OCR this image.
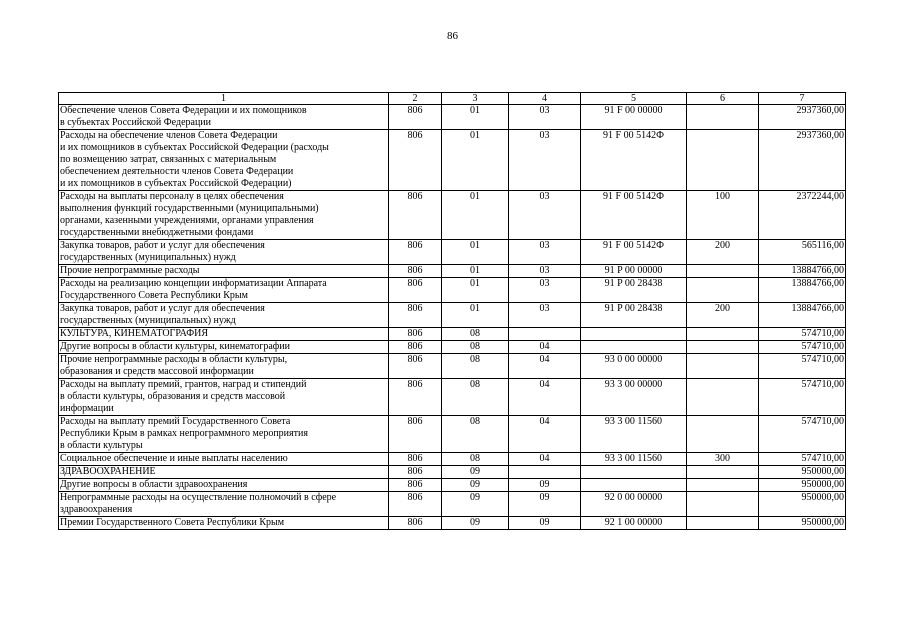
86
1	2	3	4	5	6	7
Обеспечение членов Совета Федерации и их помощников
в субъектах Российской Федерации	806	01	03	91 F 00 00000		2937360,00
Расходы на обеспечение членов Совета Федерации
и их помощников в субъектах Российской Федерации (расходы
по возмещению затрат, связанных с материальным
обеспечением деятельности членов Совета Федерации
и их помощников в субъектах Российской Федерации)	806	01	03	91 F 00 5142Ф		2937360,00
Расходы на выплаты персоналу в целях обеспечения
выполнения функций государственными (муниципальными)
органами, казенными учреждениями, органами управления
государственными внебюджетными фондами	806	01	03	91 F 00 5142Ф	100	2372244,00
Закупка товаров, работ и услуг для обеспечения
государственных (муниципальных) нужд	806	01	03	91 F 00 5142Ф	200	565116,00
Прочие непрограммные расходы	806	01	03	91 P 00 00000		13884766,00
Расходы на реализацию концепции информатизации Аппарата
Государственного Совета Республики Крым	806	01	03	91 P 00 28438		13884766,00
Закупка товаров, работ и услуг для обеспечения
государственных (муниципальных) нужд	806	01	03	91 P 00 28438	200	13884766,00
КУЛЬТУРА, КИНЕМАТОГРАФИЯ	806	08				574710,00
Другие вопросы в области культуры, кинематографии	806	08	04			574710,00
Прочие непрограммные расходы в области культуры,
образования и средств массовой информации	806	08	04	93 0 00 00000		574710,00
Расходы на выплату премий, грантов, наград и стипендий
в области культуры, образования и средств массовой
информации	806	08	04	93 3 00 00000		574710,00
Расходы на выплату премий Государственного Совета
Республики Крым в рамках непрограммного мероприятия
в области культуры	806	08	04	93 3 00 11560		574710,00
Социальное обеспечение и иные выплаты населению	806	08	04	93 3 00 11560	300	574710,00
ЗДРАВООХРАНЕНИЕ	806	09				950000,00
Другие вопросы в области здравоохранения	806	09	09			950000,00
Непрограммные расходы на осуществление полномочий в сфере
здравоохранения	806	09	09	92 0 00 00000		950000,00
Премии Государственного Совета Республики Крым	806	09	09	92 1 00 00000		950000,00
